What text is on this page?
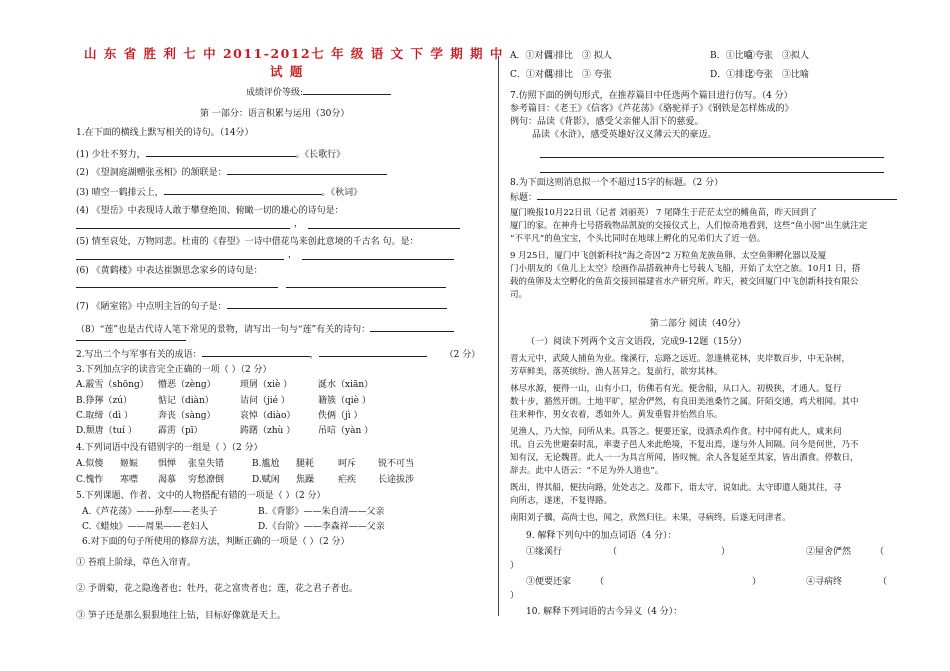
山 东 省 胜 利 七 中 2011-2012七 年 级 语 文 下 学 期 期 中
试 题
成绩评价等级:
第 一部分：语言积累与运用（30分）
1.在下面的横线上默写相关的诗句。（14分）
(1) 少壮不努力，	。《长歌行》
(2) 《望洞庭湖赠张丞相》的颔联是：
(3) 晴空一鹤排云上，	。《秋词》
(4) 《望岳》中表现诗人敢于攀登绝顶、俯瞰一切的雄心的诗句是：
，
(5) 情至哀处，万物同悲。杜甫的《春望》一诗中借花鸟来创此意境的千古名 句。是：
，
(6) 《黄鹤楼》中表达崔颢思念家乡的诗句是：
(7) 《陋室铭》中点明主旨的句子是：
（8）“莲”也是古代诗人笔下常见的景物，请写出一句与“莲”有关的诗句：
2.写出二个与军事有关的成语：	，	（2 分）
3.下列加点字的读音完全正确的一项（ ）（2 分）
A.霰雪（shōng） 懵恶（zèng）	琐屑（xiè ）	涎水（xiān）
B.狰獰（zú）	惦记（diàn）	诘问（jié ）	籍簇（qiè ）
C.取缔（dì ）	奔丧（sàng）	哀悼（diào）	佚俩（jì ）
D.颓唐（tuí ） 霹雳（pī）	踌躇（zhù ）	吊唁（yàn ）
4.下列词语中没有错别字的一组是（ ）（2 分）
A.似傻 姬娠 惧惮 张皇失错	B.尴尬 腿耗	呵斥 锐不可当
C.愧怍 寒噤 渴慕 穷愁潦倒	D.赋闲 焦躁	疟疾 长途拔涉
5.下列课题、作者、文中的人物搭配有错的一项是（ ）（2 分）
A.《芦花荡》——孙犁——老头子	B.《背影》——朱自清——父亲
C.《蜡烛》——周果——老妇人	D.《台阶》——李森祥——父亲
6.对下面的句子所使用的修辞方法，判断正确的一项是（ ）（2 分）
① 苔痕上阶绿，草色入帘青。
② 予谓菊，花之隐逸者也；牡丹，花之富贵者也；莲，花之君子者也。
③ 笋子还是那么狠狠地往上钻，目标好像就是天上。
A．①对偶②排比 ③ 拟人	B．①比喻②夸张 ③拟人
C．①对偶②排比 ③ 夸张	D．①排比②夸张 ③比喻
7.仿照下面的例句形式，在推荐篇目中任选两个篇目进行仿写。（4 分）
参考篇目：《老王》《信客》《芦花荡》《骆驼祥子》《钢铁是怎样炼成的》
例句：品读《背影》，感受父亲催人泪下的慈爱。
品读《水浒》，感受英雄好汉义薄云天的豪迈。
8.为下面这则消息拟一个不超过15字的标题。（2 分）
标题：
厦门晚报10月22日讯（记者 刘丽英） 7 尾降生于茫茫太空的鳉鱼苗，昨天回到了
厦门的家。在神舟七号搭载物品凯旋的交接仪式上，人们惊奇地看到，这些“鱼小囡”出生就注定
“不平凡”的鱼宝宝，个头比同时在地球上孵化的兄弟们大了近一倍。
9 月25日，厦门中飞创新科技“海之奇因”2 万粒鱼龙族鱼卵、太空鱼卵孵化器以及厦
门小朋友的《鱼儿上太空》绘画作品搭载神舟七号载人飞船，开始了太空之旅。10月1 日，搭
载的鱼卵及太空孵化的鱼苗交接回福建省水产研究所。昨天，被交回厦门中飞创新科技有限公
司。
第二部分 阅读（40分）
（一）阅读下列两个文言文语段，完成9-12题（15分）
晋太元中，武陵人捕鱼为业。缘溪行，忘路之远近。忽逢桃花林，夹岸数百步，中无杂树，
芳草鲜美，落英缤纷。渔人甚异之。复前行，欲穷其林。
林尽水源，便得一山，山有小口，仿佛若有光。便舍船，从口入。初极狭，才通人。复行
数十步，豁然开朗。土地平旷，屋舍俨然，有良田美池桑竹之属。阡陌交通，鸡犬相闻。其中
往来种作，男女衣着，悉如外人。黄发垂髫并怡然自乐。
见渔人，乃大惊，问所从来。具答之。便要还家，设酒杀鸡作食。村中闻有此人，咸来问
讯。自云先世避秦时乱，率妻子邑人来此绝境，不复出焉，遂与外人间隔。问今是何世，乃不
知有汉，无论魏晋。此人一一为具言所闻，皆叹惋。余人各复延至其家，皆出酒食。停数日，
辞去。此中人语云：“不足为外人道也”。
既出，得其船，便扶向路，处处志之。及郡下，诣太守，说如此。太守即遣人随其往，寻
向所志，遂迷，不复得路。
南阳刘子骥，高尚士也，闻之，欣然归往。未果，寻病终。后遂无问津者。
9. 解释下列句中的加点词语（4 分）：
①缘溪行	（	）	②屋舍俨然	（
）
③便要还家	（	）	④寻病终	（
）
10. 解释下列词语的古今异义（4 分）：
